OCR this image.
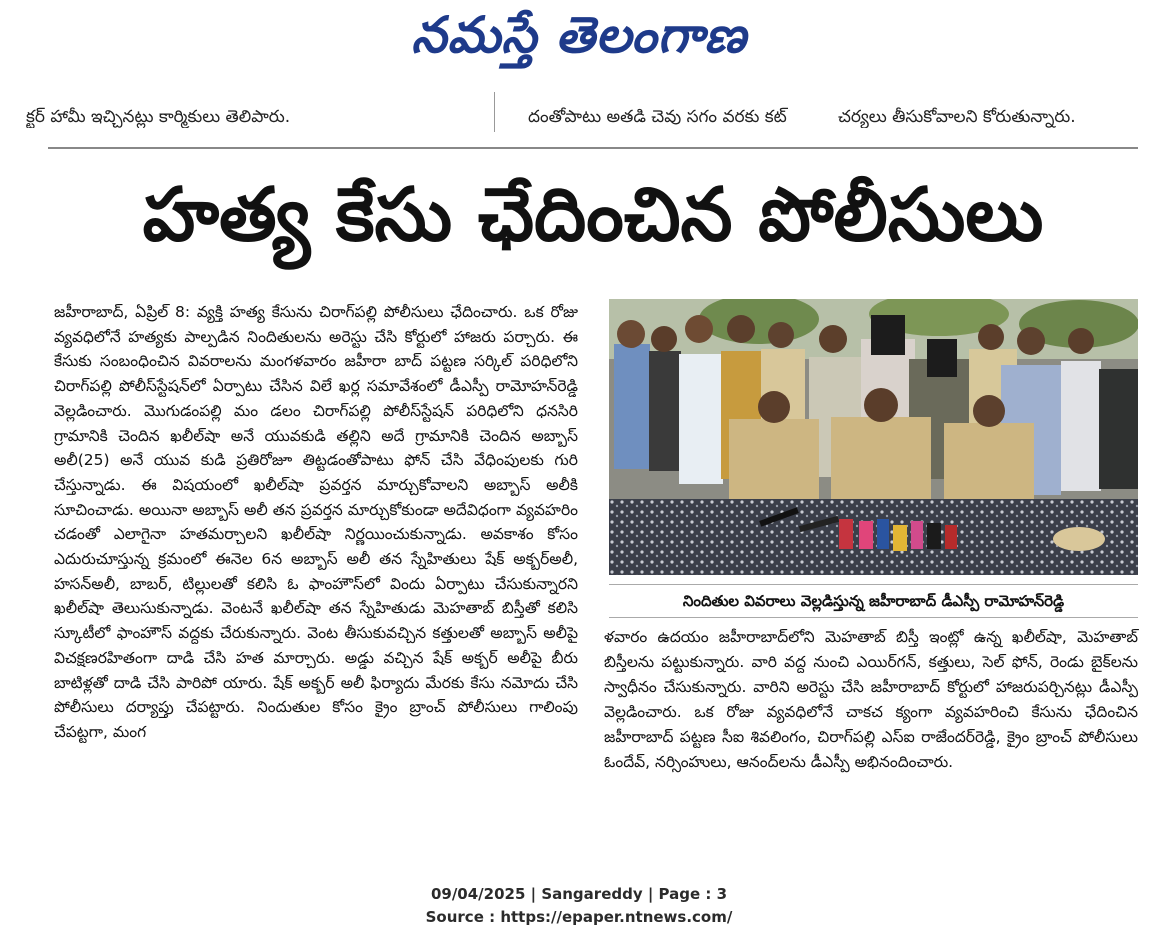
నమస్తే తెలంగాణ
క్టర్ హామీ ఇచ్చినట్లు కార్మికులు తెలిపారు.	దంతోపాటు అతడి చెవు సగం వరకు కట్	చర్యలు తీసుకోవాలని కోరుతున్నారు.
హత్య కేసు ఛేదించిన పోలీసులు
జహీరాబాద్, ఏప్రిల్ 8: వ్యక్తి హత్య కేసును చిరాగ్‌పల్లి పోలీసులు ఛేదించారు. ఒక రోజు వ్యవధిలోనే హత్యకు పాల్పడిన నిందితులను అరెస్టు చేసి కోర్టులో హాజరు పర్చారు. ఈ కేసుకు సంబంధించిన వివరాలను మంగళవారం జహీరా బాద్ పట్టణ సర్కిల్ పరిధిలోని చిరాగ్‌పల్లి పోలీస్‌స్టేషన్‌లో ఏర్పాటు చేసిన విలే ఖర్ల సమావేశంలో డీఎస్పీ రామోహన్‌రెడ్డి వెల్లడించారు. మొగుడంపల్లి మం డలం చిరాగ్‌పల్లి పోలీస్‌స్టేషన్ పరిధిలోని ధనసిరి గ్రామానికి చెందిన ఖలీల్‌షా అనే యువకుడి తల్లిని అదే గ్రామానికి చెందిన అబ్బాస్ అలీ(25) అనే యువ కుడి ప్రతిరోజూ తిట్టడంతోపాటు ఫోన్ చేసి వేధింపులకు గురి చేస్తున్నాడు. ఈ విషయంలో ఖలీల్‌షా ప్రవర్తన మార్చుకోవాలని అబ్బాస్ అలీకి సూచించాడు. అయినా అబ్బాస్ అలీ తన ప్రవర్తన మార్చుకోకుండా అదేవిధంగా వ్యవహరిం చడంతో ఎలాగైనా హతమర్చాలని ఖలీల్‌షా నిర్ణయించుకున్నాడు. అవకాశం కోసం ఎదురుచూస్తున్న క్రమంలో ఈనెల 6న అబ్బాస్ అలీ తన స్నేహితులు షేక్ అక్బర్‌అలీ, హసన్‌అలీ, బాబర్, టిల్లులతో కలిసి ఓ ఫాంహౌస్‌లో విందు ఏర్పాటు చేసుకున్నారని ఖలీల్‌షా తెలుసుకున్నాడు. వెంటనే ఖలీల్‌షా తన స్నేహితుడు మెహతాబ్ బిస్తీతో కలిసి స్కూటీలో ఫాంహౌస్ వద్దకు చేరుకున్నారు. వెంట తీసుకువచ్చిన కత్తులతో అబ్బాస్ అలీపై విచక్షణరహితంగా దాడి చేసి హత మార్చారు. అడ్డు వచ్చిన షేక్ అక్బర్ అలీపై బీరు బాటిళ్లతో దాడి చేసి పారిపో యారు. షేక్ అక్బర్ అలీ ఫిర్యాదు మేరకు కేసు నమోదు చేసి పోలీసులు దర్యాప్తు చేపట్టారు. నిందుతుల కోసం క్రైం బ్రాంచ్ పోలీసులు గాలింపు చేపట్టగా, మంగ
నిందితుల వివరాలు వెల్లడిస్తున్న జహీరాబాద్ డీఎస్పీ రామోహన్‌రెడ్డి
ళవారం ఉదయం జహీరాబాద్‌లోని మెహతాబ్ బిస్తీ ఇంట్లో ఉన్న ఖలీల్‌షా, మెహతాబ్ బిస్తీలను పట్టుకున్నారు. వారి వద్ద నుంచి ఎయిర్‌గన్, కత్తులు, సెల్ ఫోన్, రెండు బైక్‌లను స్వాధీనం చేసుకున్నారు. వారిని అరెస్టు చేసి జహీరాబాద్ కోర్టులో హాజరుపర్చినట్లు డీఎస్పీ వెల్లడించారు. ఒక రోజు వ్యవధిలోనే చాకచ క్యంగా వ్యవహరించి కేసును ఛేదించిన జహీరాబాద్ పట్టణ సీఐ శివలింగం, చిరాగ్‌పల్లి ఎస్‌ఐ రాజేందర్‌రెడ్డి, క్రైం బ్రాంచ్ పోలీసులు ఓందేవ్, నర్సింహులు, ఆనంద్‌లను డీఎస్పీ అభినందించారు.
09/04/2025 | Sangareddy | Page : 3
Source : https://epaper.ntnews.com/
